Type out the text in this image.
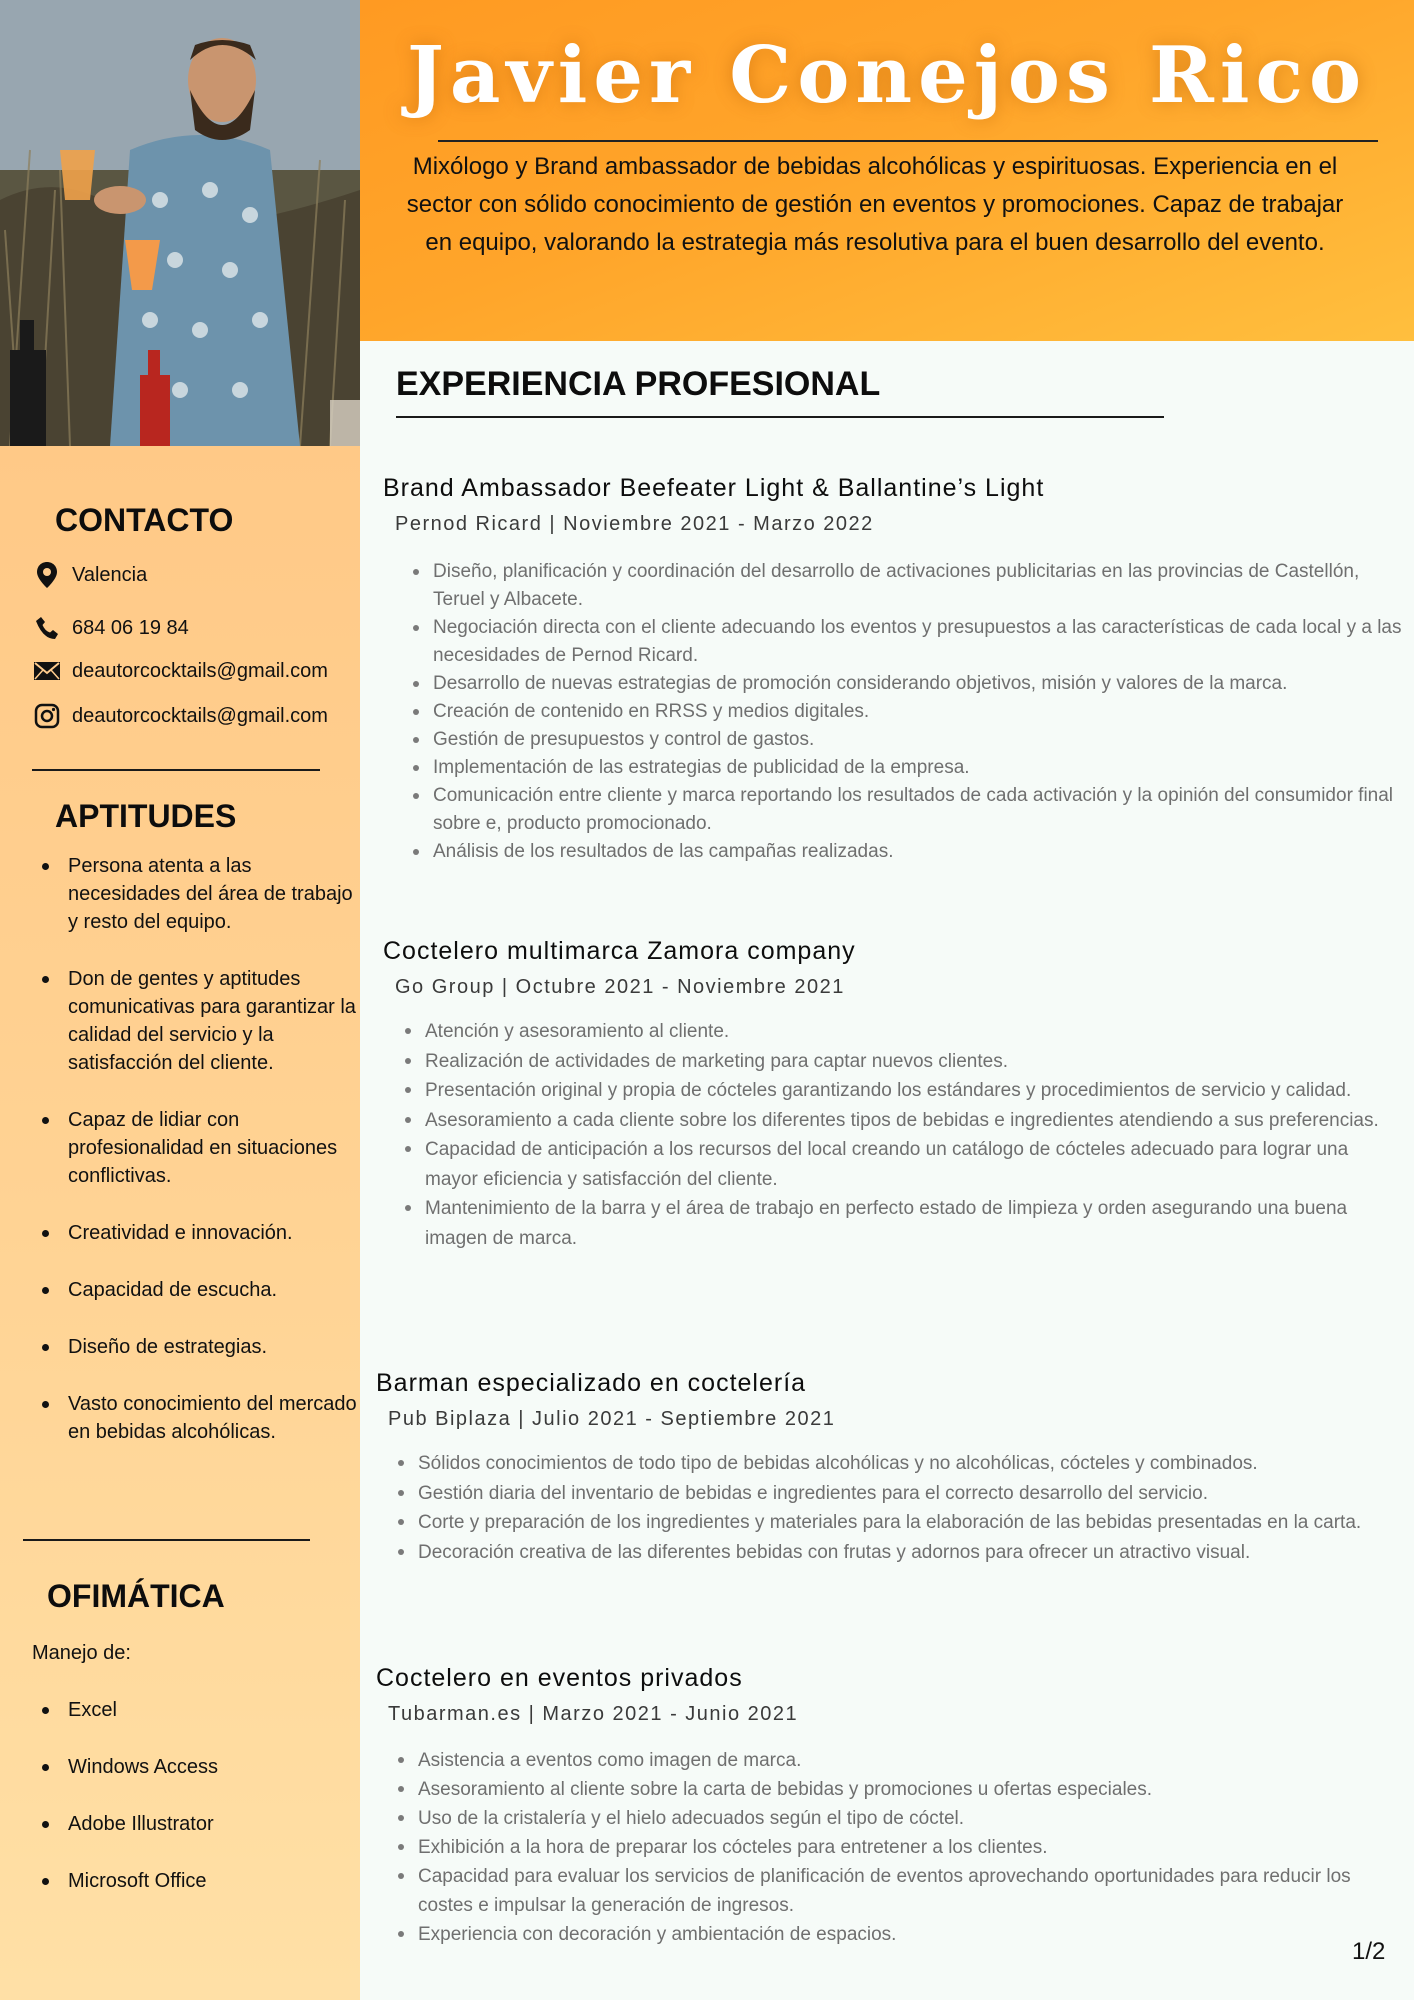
Javier Conejos Rico
Mixólogo y Brand ambassador de bebidas alcohólicas y espirituosas. Experiencia en el sector con sólido conocimiento de gestión en eventos y promociones. Capaz de trabajar en equipo, valorando la estrategia más resolutiva para el buen desarrollo del evento.
CONTACTO
Valencia
684 06 19 84
deautorcocktails@gmail.com
deautorcocktails@gmail.com
APTITUDES
Persona atenta a las necesidades del área de trabajo y resto del equipo.
Don de gentes y aptitudes comunicativas para garantizar la calidad del servicio y la satisfacción del cliente.
Capaz de lidiar con profesionalidad en situaciones conflictivas.
Creatividad e innovación.
Capacidad de escucha.
Diseño de estrategias.
Vasto conocimiento del mercado en bebidas alcohólicas.
OFIMÁTICA
Manejo de:
Excel
Windows Access
Adobe Illustrator
Microsoft Office
EXPERIENCIA PROFESIONAL
Brand Ambassador Beefeater Light & Ballantine’s Light
Pernod Ricard | Noviembre 2021 - Marzo 2022
Diseño, planificación y coordinación del desarrollo de activaciones publicitarias en las provincias de Castellón, Teruel y Albacete.
Negociación directa con el cliente adecuando los eventos y presupuestos a las características de cada local y a las necesidades de Pernod Ricard.
Desarrollo de nuevas estrategias de promoción considerando objetivos, misión y valores de la marca.
Creación de contenido en RRSS y medios digitales.
Gestión de presupuestos y control de gastos.
Implementación de las estrategias de publicidad de la empresa.
Comunicación entre cliente y marca reportando los resultados de cada activación y la opinión del consumidor final sobre e, producto promocionado.
Análisis de los resultados de las campañas realizadas.
Coctelero multimarca Zamora company
Go Group | Octubre 2021 - Noviembre 2021
Atención y asesoramiento al cliente.
Realización de actividades de marketing para captar nuevos clientes.
Presentación original y propia de cócteles garantizando los estándares y procedimientos de servicio y calidad.
Asesoramiento a cada cliente sobre los diferentes tipos de bebidas e ingredientes atendiendo a sus preferencias.
Capacidad de anticipación a los recursos del local creando un catálogo de cócteles adecuado para lograr una mayor eficiencia y satisfacción del cliente.
Mantenimiento de la barra y el área de trabajo en perfecto estado de limpieza y orden asegurando una buena imagen de marca.
Barman especializado en coctelería
Pub Biplaza | Julio 2021 - Septiembre 2021
Sólidos conocimientos de todo tipo de bebidas alcohólicas y no alcohólicas, cócteles y combinados.
Gestión diaria del inventario de bebidas e ingredientes para el correcto desarrollo del servicio.
Corte y preparación de los ingredientes y materiales para la elaboración de las bebidas presentadas en la carta.
Decoración creativa de las diferentes bebidas con frutas y adornos para ofrecer un atractivo visual.
Coctelero en eventos privados
Tubarman.es | Marzo 2021 - Junio 2021
Asistencia a eventos como imagen de marca.
Asesoramiento al cliente sobre la carta de bebidas y promociones u ofertas especiales.
Uso de la cristalería y el hielo adecuados según el tipo de cóctel.
Exhibición a la hora de preparar los cócteles para entretener a los clientes.
Capacidad para evaluar los servicios de planificación de eventos aprovechando oportunidades para reducir los costes e impulsar la generación de ingresos.
Experiencia con decoración y ambientación de espacios.
1/2
